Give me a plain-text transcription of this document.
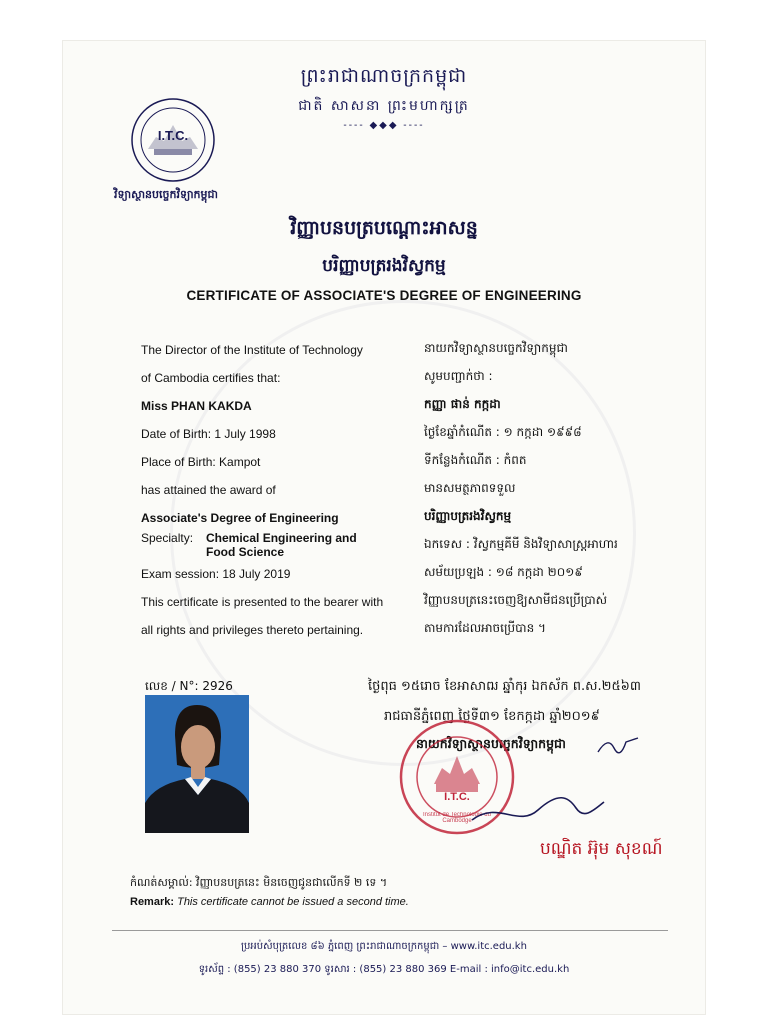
ព្រះរាជាណាចក្រកម្ពុជា
ជាតិ សាសនា ព្រះមហាក្សត្រ
---- ◆◆◆ ----
I.T.C.
វិទ្យាស្ថានបច្ចេកវិទ្យាកម្ពុជា
វិញ្ញាបនបត្របណ្ដោះអាសន្ន
បរិញ្ញាបត្ររងវិស្វកម្ម
CERTIFICATE OF ASSOCIATE'S DEGREE OF ENGINEERING
The Director of the Institute of Technology
of Cambodia certifies that:
Miss PHAN KAKDA
Date of Birth: 1 July 1998
Place of Birth: Kampot
has attained the award of
Associate's Degree of Engineering
Specialty: Chemical Engineering and
Food Science
Exam session: 18 July 2019
This certificate is presented to the bearer with
all rights and privileges thereto pertaining.
នាយកវិទ្យាស្ថានបច្ចេកវិទ្យាកម្ពុជា
សូមបញ្ជាក់ថា :
កញ្ញា ផាន់ កក្កដា
ថ្ងៃខែឆ្នាំកំណើត : ១ កក្កដា ១៩៩៨
ទីកន្លែងកំណើត : កំពត
មានសមត្ថភាពទទួល
បរិញ្ញាបត្ររងវិស្វកម្ម
ឯកទេស : វិស្វកម្មគីមី និងវិទ្យាសាស្ត្រអាហារ
សម័យប្រឡង : ១៨ កក្កដា ២០១៩
វិញ្ញាបនបត្រនេះចេញឱ្យសាមីជនប្រើប្រាស់
តាមការដែលអាចប្រើបាន ។
លេខ / N°: 2926	ថ្ងៃពុធ ១៥រោច ខែអាសាឍ ឆ្នាំកុរ ឯកស័ក ព.ស.២៥៦៣
រាជធានីភ្នំពេញ ថ្ងៃទី៣១ ខែកក្កដា ឆ្នាំ២០១៩
នាយកវិទ្យាស្ថានបច្ចេកវិទ្យាកម្ពុជា
I.T.C.
Institut de Technologie du Cambodge
បណ្ឌិត អ៊ុម សុខណ៍
កំណត់សម្គាល់: វិញ្ញាបនបត្រនេះ មិនចេញជូនជាលើកទី ២ ទេ ។
Remark: This certificate cannot be issued a second time.
ប្រអប់សំបុត្រលេខ ៨៦ ភ្នំពេញ ព្រះរាជាណាចក្រកម្ពុជា – www.itc.edu.kh
ទូរស័ព្ទ : (855) 23 880 370 ទូរសារ : (855) 23 880 369 E-mail : info@itc.edu.kh
